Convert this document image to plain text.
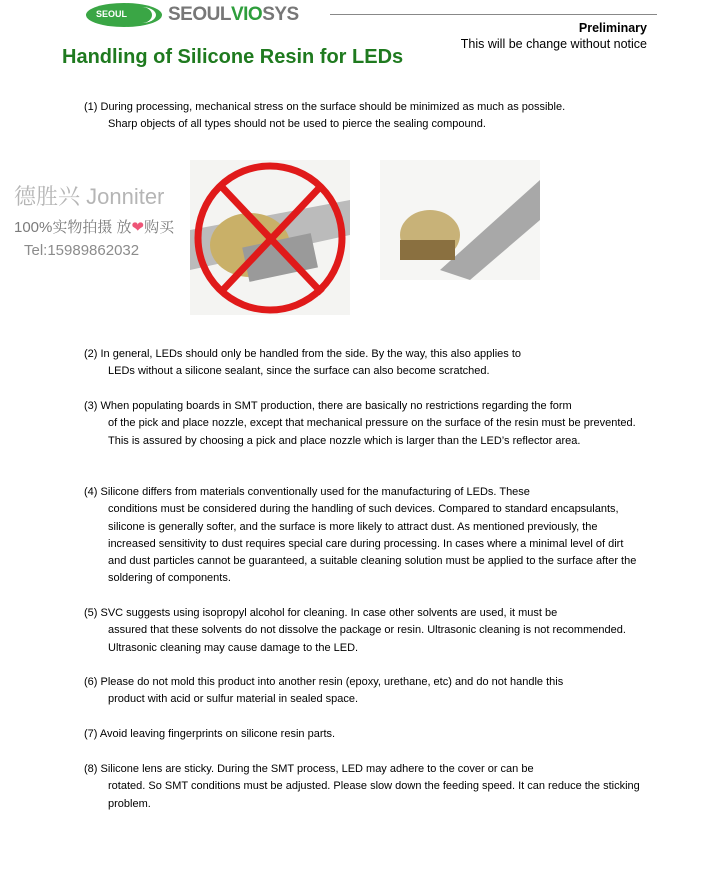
SEOUL SEOULVIOSYS
Preliminary
This will be change without notice
Handling of Silicone Resin for LEDs
(1) During processing, mechanical stress on the surface should be minimized as much as possible.
Sharp objects of all types should not be used to pierce the sealing compound.
(2) In general, LEDs should only be handled from the side. By the way, this also applies to
LEDs without a silicone sealant, since the surface can also become scratched.
(3) When populating boards in SMT production, there are basically no restrictions regarding the form
of the pick and place nozzle, except that mechanical pressure on the surface of the resin must be prevented. This is assured by choosing a pick and place nozzle which is larger than the LED’s reflector area.
(4) Silicone differs from materials conventionally used for the manufacturing of LEDs. These
conditions must be considered during the handling of such devices. Compared to standard encapsulants, silicone is generally softer, and the surface is more likely to attract dust. As mentioned previously, the increased sensitivity to dust requires special care during processing. In cases where a minimal level of dirt and dust particles cannot be guaranteed, a suitable cleaning solution must be applied to the surface after the soldering of components.
(5) SVC suggests using isopropyl alcohol for cleaning. In case other solvents are used, it must be
assured that these solvents do not dissolve the package or resin. Ultrasonic cleaning is not recommended. Ultrasonic cleaning may cause damage to the LED.
(6) Please do not mold this product into another resin (epoxy, urethane, etc) and do not handle this
product with acid or sulfur material in sealed space.
(7) Avoid leaving fingerprints on silicone resin parts.
(8) Silicone lens are sticky. During the SMT process, LED may adhere to the cover or can be
rotated. So SMT conditions must be adjusted. Please slow down the feeding speed. It can reduce the sticking problem.
德胜兴 Jonniter
100%实物拍摄 放❤购买
Tel:15989862032
